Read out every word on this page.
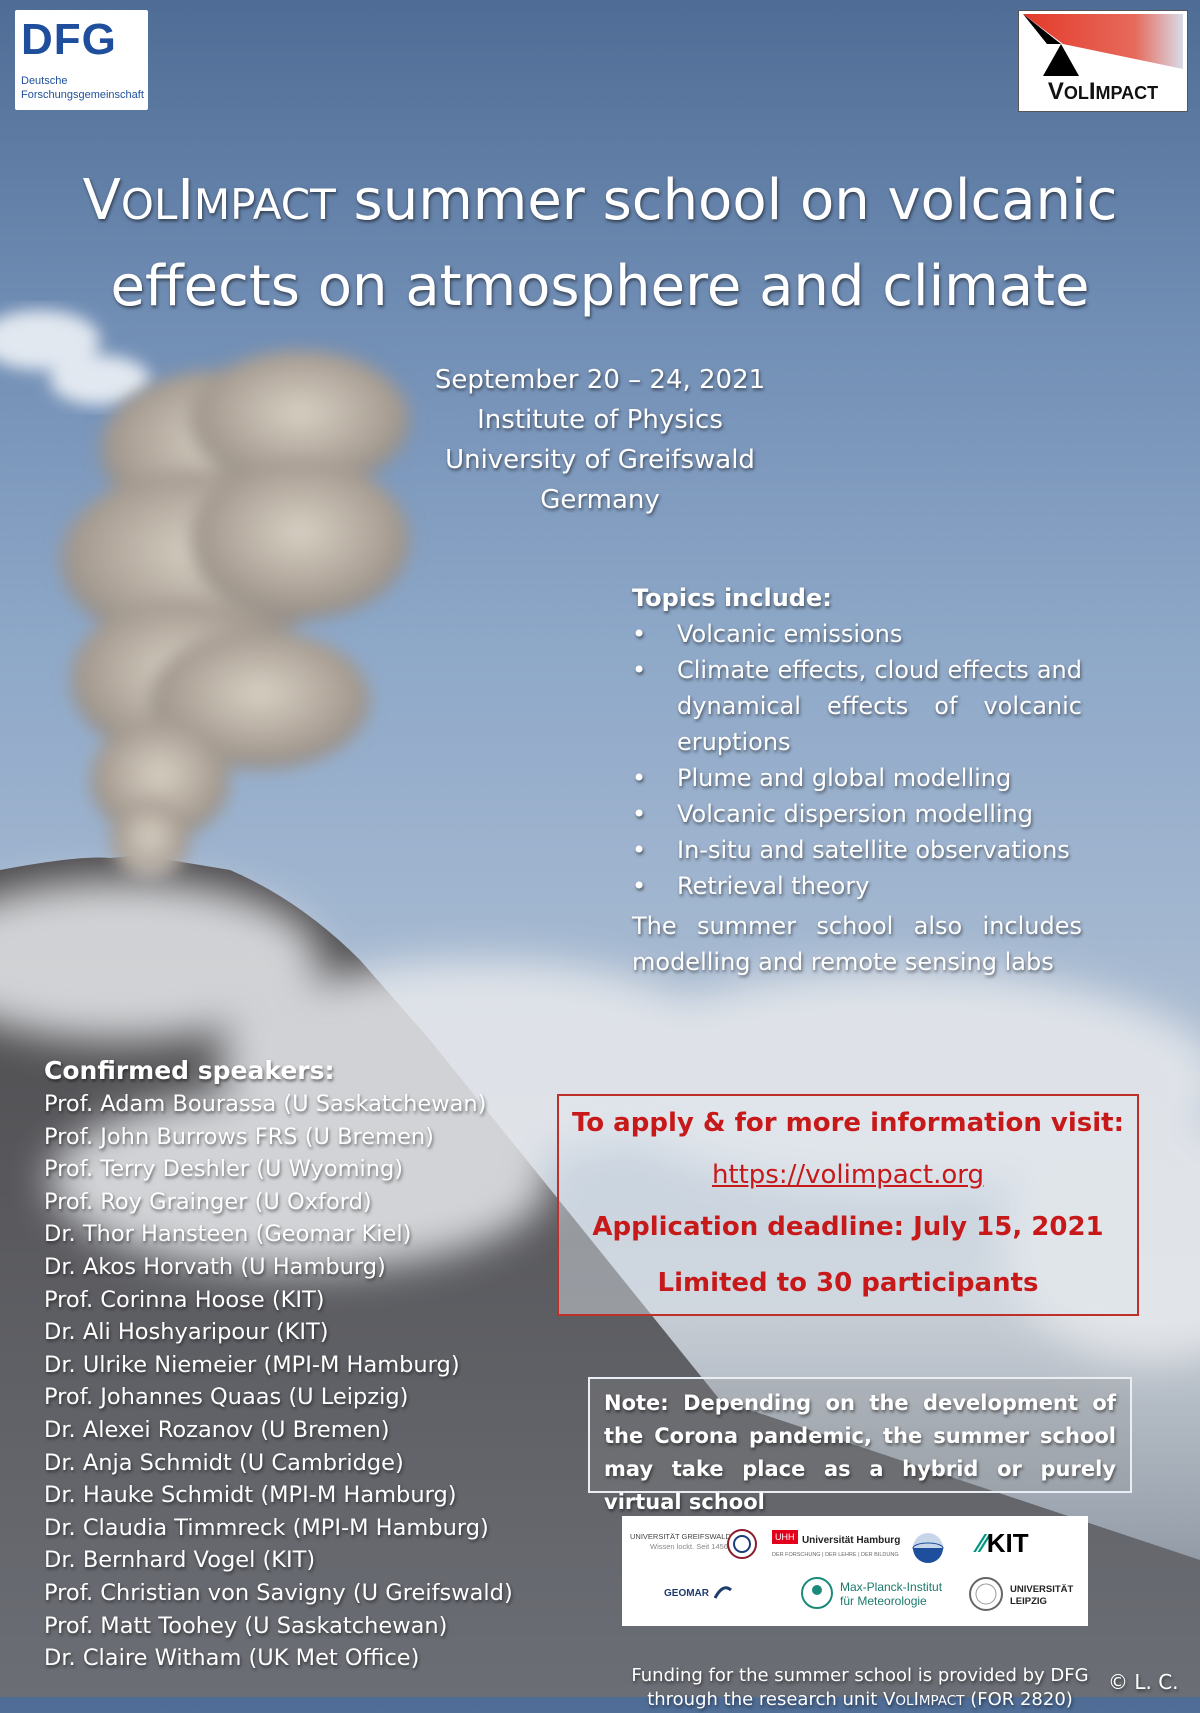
DFG
Deutsche
Forschungsgemeinschaft	VOLIMPACT
VOLIMPACT summer school on volcanic
effects on atmosphere and climate
September 20 – 24, 2021
Institute of Physics
University of Greifswald
Germany
Topics include:
• Volcanic emissions
• Climate effects, cloud effects and dynamical effects of volcanic eruptions
• Plume and global modelling
• Volcanic dispersion modelling
• In-situ and satellite observations
• Retrieval theory
The summer school also includes modelling and remote sensing labs
Confirmed speakers:
Prof. Adam Bourassa (U Saskatchewan)
Prof. John Burrows FRS (U Bremen)
Prof. Terry Deshler (U Wyoming)
Prof. Roy Grainger (U Oxford)
Dr. Thor Hansteen (Geomar Kiel)
Dr. Akos Horvath (U Hamburg)
Prof. Corinna Hoose (KIT)
Dr. Ali Hoshyaripour (KIT)
Dr. Ulrike Niemeier (MPI-M Hamburg)
Prof. Johannes Quaas (U Leipzig)
Dr. Alexei Rozanov (U Bremen)
Dr. Anja Schmidt (U Cambridge)
Dr. Hauke Schmidt (MPI-M Hamburg)
Dr. Claudia Timmreck (MPI-M Hamburg)
Dr. Bernhard Vogel (KIT)
Prof. Christian von Savigny (U Greifswald)
Prof. Matt Toohey (U Saskatchewan)
Dr. Claire Witham (UK Met Office)
To apply & for more information visit:
https://volimpact.org
Application deadline: July 15, 2021
Limited to 30 participants

Note: Depending on the development of the Corona pandemic, the summer school may take place as a hybrid or purely virtual school

UNIVERSITÄT GREIFSWALD
Wissen lockt. Seit 1456
UHH Universität Hamburg
DER FORSCHUNG | DER LEHRE | DER BILDUNG	⁄⁄KIT
GEOMAR	Max-Planck-Institut
für Meteorologie
UNIVERSITÄT
LEIPZIG
Funding for the summer school is provided by DFG
through the research unit VOLIMPACT (FOR 2820)
© L. C.
